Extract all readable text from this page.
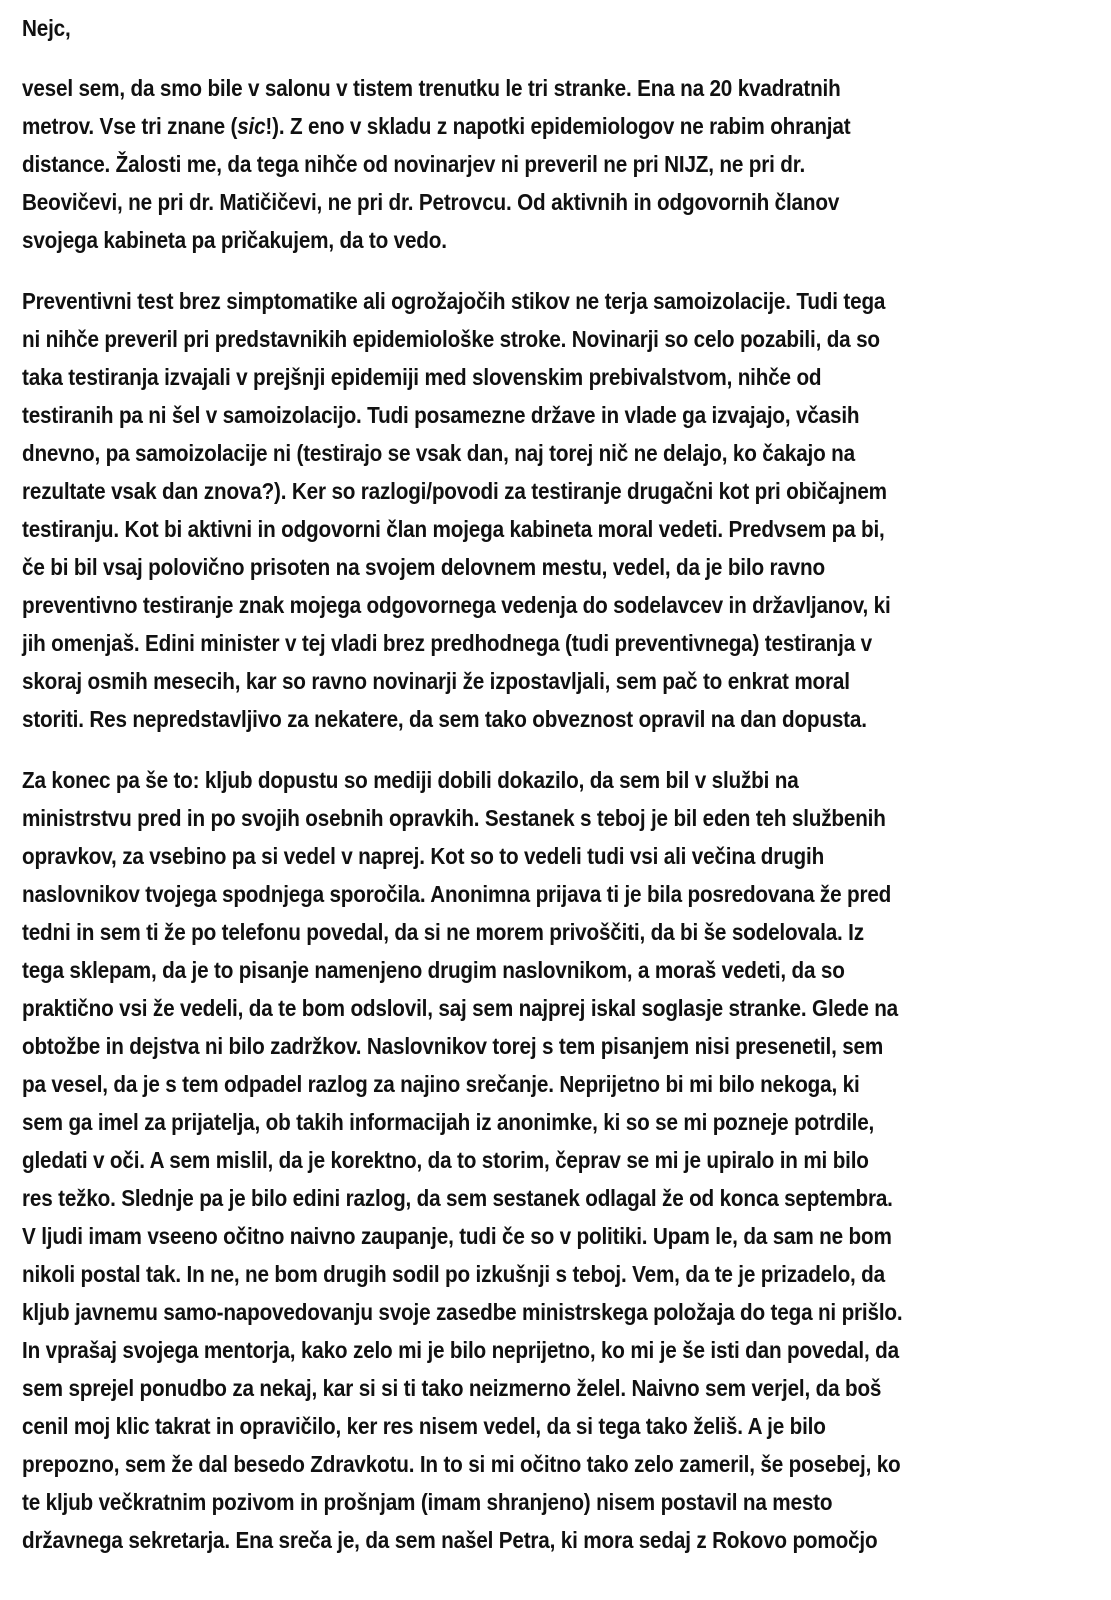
Nejc,
vesel sem, da smo bile v salonu v tistem trenutku le tri stranke. Ena na 20 kvadratnih
metrov. Vse tri znane (sic!). Z eno v skladu z napotki epidemiologov ne rabim ohranjat
distance. Žalosti me, da tega nihče od novinarjev ni preveril ne pri NIJZ, ne pri dr.
Beovičevi, ne pri dr. Matičičevi, ne pri dr. Petrovcu. Od aktivnih in odgovornih članov
svojega kabineta pa pričakujem, da to vedo.
Preventivni test brez simptomatike ali ogrožajočih stikov ne terja samoizolacije. Tudi tega
ni nihče preveril pri predstavnikih epidemiološke stroke. Novinarji so celo pozabili, da so
taka testiranja izvajali v prejšnji epidemiji med slovenskim prebivalstvom, nihče od
testiranih pa ni šel v samoizolacijo. Tudi posamezne države in vlade ga izvajajo, včasih
dnevno, pa samoizolacije ni (testirajo se vsak dan, naj torej nič ne delajo, ko čakajo na
rezultate vsak dan znova?). Ker so razlogi/povodi za testiranje drugačni kot pri običajnem
testiranju. Kot bi aktivni in odgovorni član mojega kabineta moral vedeti. Predvsem pa bi,
če bi bil vsaj polovično prisoten na svojem delovnem mestu, vedel, da je bilo ravno
preventivno testiranje znak mojega odgovornega vedenja do sodelavcev in državljanov, ki
jih omenjaš. Edini minister v tej vladi brez predhodnega (tudi preventivnega) testiranja v
skoraj osmih mesecih, kar so ravno novinarji že izpostavljali, sem pač to enkrat moral
storiti. Res nepredstavljivo za nekatere, da sem tako obveznost opravil na dan dopusta.
Za konec pa še to: kljub dopustu so mediji dobili dokazilo, da sem bil v službi na
ministrstvu pred in po svojih osebnih opravkih. Sestanek s teboj je bil eden teh službenih
opravkov, za vsebino pa si vedel v naprej. Kot so to vedeli tudi vsi ali večina drugih
naslovnikov tvojega spodnjega sporočila. Anonimna prijava ti je bila posredovana že pred
tedni in sem ti že po telefonu povedal, da si ne morem privoščiti, da bi še sodelovala. Iz
tega sklepam, da je to pisanje namenjeno drugim naslovnikom, a moraš vedeti, da so
praktično vsi že vedeli, da te bom odslovil, saj sem najprej iskal soglasje stranke. Glede na
obtožbe in dejstva ni bilo zadržkov. Naslovnikov torej s tem pisanjem nisi presenetil, sem
pa vesel, da je s tem odpadel razlog za najino srečanje. Neprijetno bi mi bilo nekoga, ki
sem ga imel za prijatelja, ob takih informacijah iz anonimke, ki so se mi pozneje potrdile,
gledati v oči. A sem mislil, da je korektno, da to storim, čeprav se mi je upiralo in mi bilo
res težko. Slednje pa je bilo edini razlog, da sem sestanek odlagal že od konca septembra.
V ljudi imam vseeno očitno naivno zaupanje, tudi če so v politiki. Upam le, da sam ne bom
nikoli postal tak. In ne, ne bom drugih sodil po izkušnji s teboj. Vem, da te je prizadelo, da
kljub javnemu samo-napovedovanju svoje zasedbe ministrskega položaja do tega ni prišlo.
In vprašaj svojega mentorja, kako zelo mi je bilo neprijetno, ko mi je še isti dan povedal, da
sem sprejel ponudbo za nekaj, kar si si ti tako neizmerno želel. Naivno sem verjel, da boš
cenil moj klic takrat in opravičilo, ker res nisem vedel, da si tega tako želiš. A je bilo
prepozno, sem že dal besedo Zdravkotu. In to si mi očitno tako zelo zameril, še posebej, ko
te kljub večkratnim pozivom in prošnjam (imam shranjeno) nisem postavil na mesto
državnega sekretarja. Ena sreča je, da sem našel Petra, ki mora sedaj z Rokovo pomočjo
